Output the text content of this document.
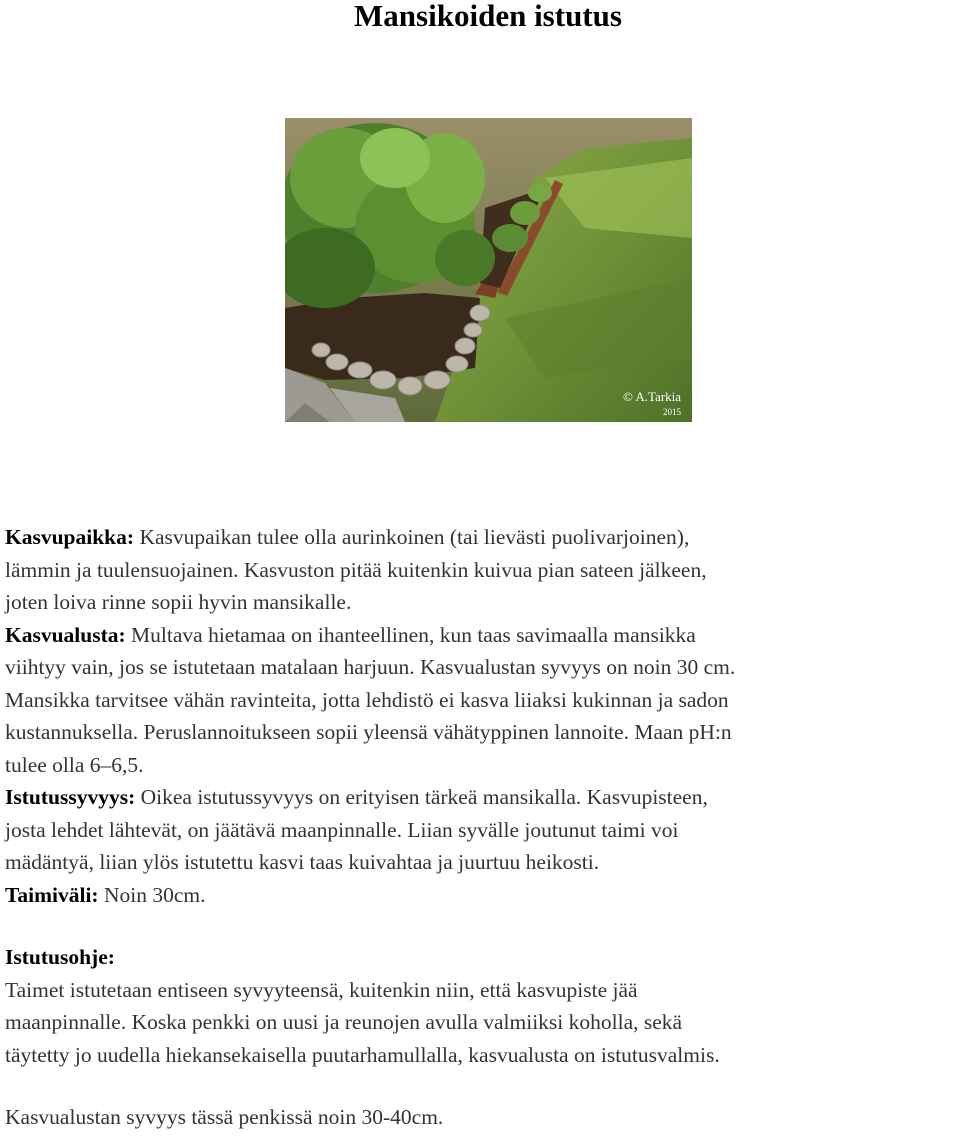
Mansikoiden istutus
© A.Tarkia
2015
Kasvupaikka: Kasvupaikan tulee olla aurinkoinen (tai lievästi puolivarjoinen),
lämmin ja tuulensuojainen. Kasvuston pitää kuitenkin kuivua pian sateen jälkeen,
joten loiva rinne sopii hyvin mansikalle.
Kasvualusta: Multava hietamaa on ihanteellinen, kun taas savimaalla mansikka
viihtyy vain, jos se istutetaan matalaan harjuun. Kasvualustan syvyys on noin 30 cm.
Mansikka tarvitsee vähän ravinteita, jotta lehdistö ei kasva liiaksi kukinnan ja sadon
kustannuksella. Peruslannoitukseen sopii yleensä vähätyppinen lannoite. Maan pH:n
tulee olla 6–6,5.
Istutussyvyys: Oikea istutussyvyys on erityisen tärkeä mansikalla. Kasvupisteen,
josta lehdet lähtevät, on jäätävä maanpinnalle. Liian syvälle joutunut taimi voi
mädäntyä, liian ylös istutettu kasvi taas kuivahtaa ja juurtuu heikosti.
Taimiväli: Noin 30cm.
Istutusohje:
Taimet istutetaan entiseen syvyyteensä, kuitenkin niin, että kasvupiste jää
maanpinnalle. Koska penkki on uusi ja reunojen avulla valmiiksi koholla, sekä
täytetty jo uudella hiekansekaisella puutarhamullalla, kasvualusta on istutusvalmis.
Kasvualustan syvyys tässä penkissä noin 30-40cm.
